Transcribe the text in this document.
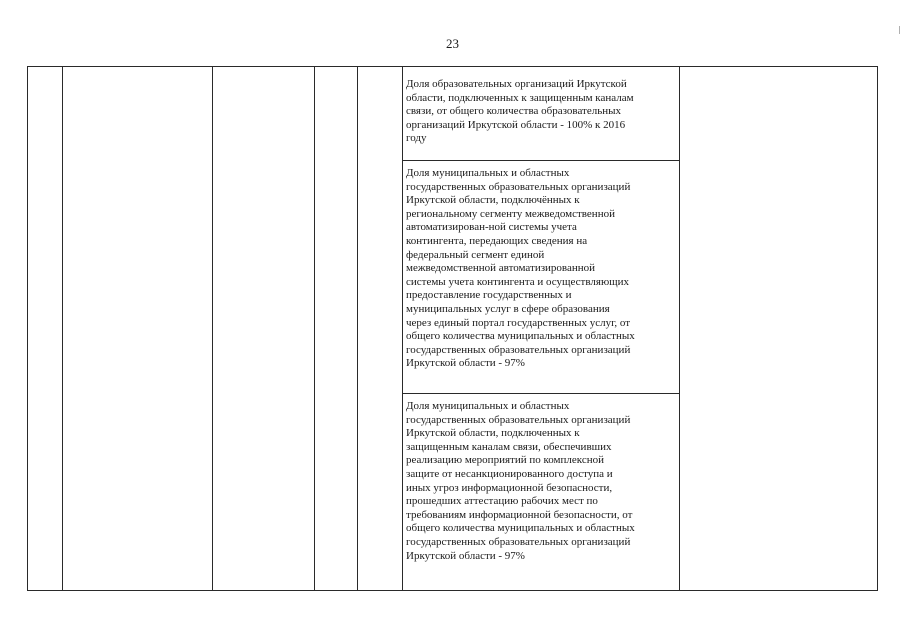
23

Доля образовательных организаций Иркутской
области, подключенных к защищенным каналам
связи, от общего количества образовательных
организаций Иркутской области - 100% к 2016
году

Доля муниципальных и областных
государственных образовательных организаций
Иркутской области, подключённых к
региональному сегменту межведомственной
автоматизирован-ной системы учета
контингента, передающих сведения на
федеральный сегмент единой
межведомственной автоматизированной
системы учета контингента и осуществляющих
предоставление государственных и
муниципальных услуг в сфере образования
через единый портал государственных услуг, от
общего количества муниципальных и областных
государственных образовательных организаций
Иркутской области - 97%

Доля муниципальных и областных
государственных образовательных организаций
Иркутской области, подключенных к
защищенным каналам связи, обеспечивших
реализацию мероприятий по комплексной
защите от несанкционированного доступа и
иных угроз информационной безопасности,
прошедших аттестацию рабочих мест по
требованиям информационной безопасности, от
общего количества муниципальных и областных
государственных образовательных организаций
Иркутской области - 97%
